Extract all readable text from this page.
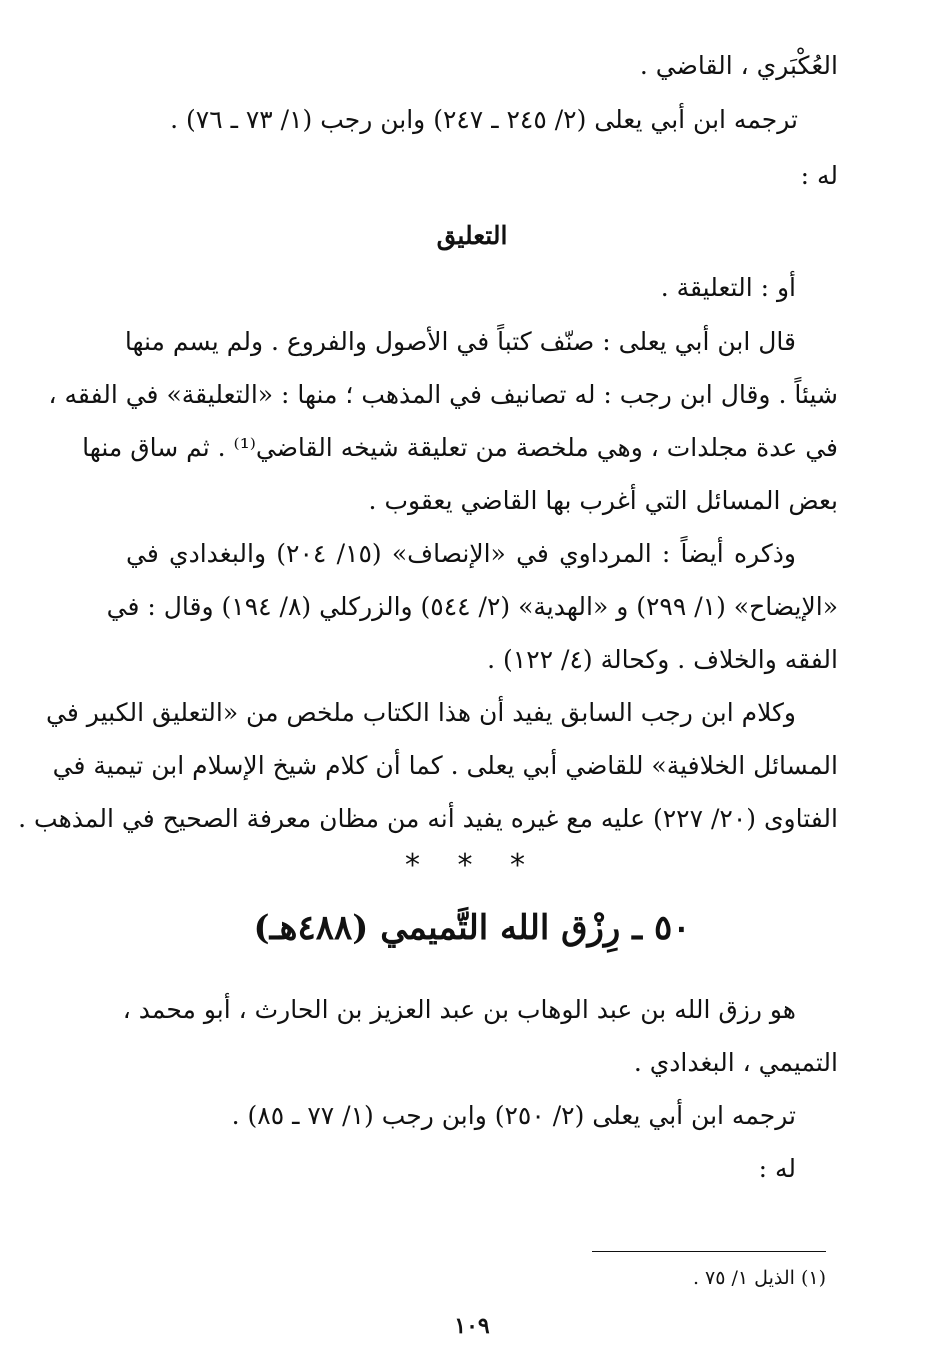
العُكْبَري ، القاضي .
ترجمه ابن أبي يعلى (٢/ ٢٤٥ ـ ٢٤٧) وابن رجب (١/ ٧٣ ـ ٧٦) .
له :
التعليق
أو : التعليقة .
قال ابن أبي يعلى : صنّف كتباً في الأصول والفروع . ولم يسم منها
شيئاً . وقال ابن رجب : له تصانيف في المذهب ؛ منها : «التعليقة» في الفقه ،
في عدة مجلدات ، وهي ملخصة من تعليقة شيخه القاضي⁽¹⁾ . ثم ساق منها
بعض المسائل التي أغرب بها القاضي يعقوب .
وذكره أيضاً : المرداوي في «الإنصاف» (١٥/ ٢٠٤) والبغدادي في
«الإيضاح» (١/ ٢٩٩) و «الهدية» (٢/ ٥٤٤) والزركلي (٨/ ١٩٤) وقال : في
الفقه والخلاف . وكحالة (٤/ ١٢٢) .
وكلام ابن رجب السابق يفيد أن هذا الكتاب ملخص من «التعليق الكبير في
المسائل الخلافية» للقاضي أبي يعلى . كما أن كلام شيخ الإسلام ابن تيمية في
الفتاوى (٢٠/ ٢٢٧) عليه مع غيره يفيد أنه من مظان معرفة الصحيح في المذهب .
* * *
٥٠ ـ رِزْق الله التَّميمي (٤٨٨هـ)
هو رزق الله بن عبد الوهاب بن عبد العزيز بن الحارث ، أبو محمد ،
التميمي ، البغدادي .
ترجمه ابن أبي يعلى (٢/ ٢٥٠) وابن رجب (١/ ٧٧ ـ ٨٥) .
له :
(١) الذيل ١/ ٧٥ .
١٠٩
